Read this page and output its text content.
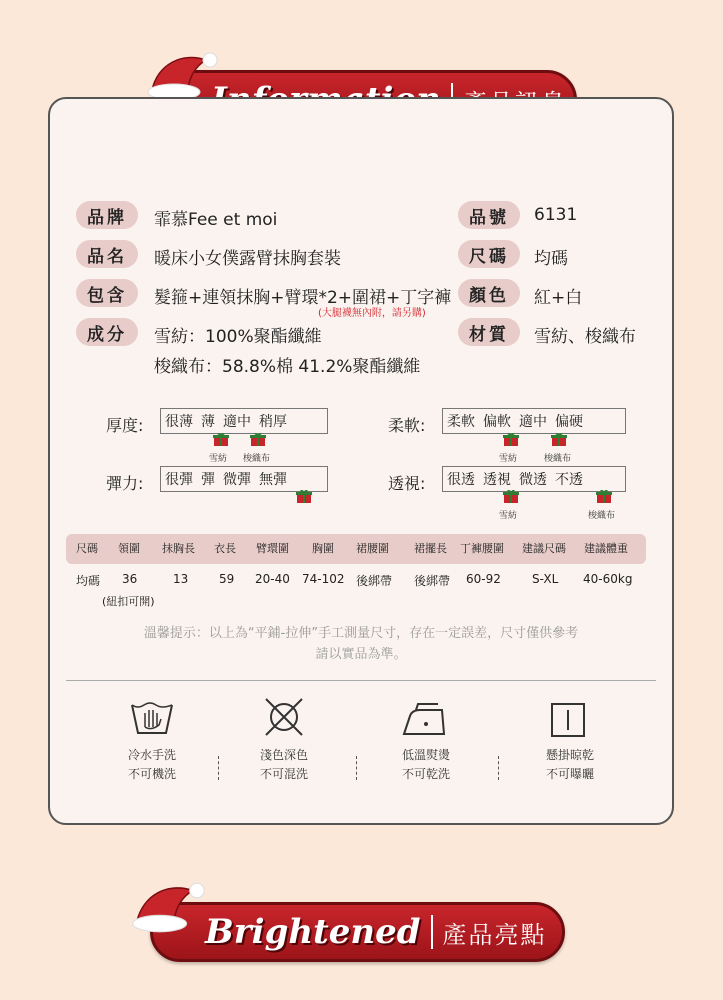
品牌	霏慕Fee et moi	品號	6131
品名	暖床小女僕露臂抹胸套裝	尺碼	均碼
包含	髮箍+連領抹胸+臂環*2+圍裙+丁字褲
(大腿襪無內附，請另購)
顏色	紅+白
成分	雪紡：100%聚酯纖維
梭織布：58.8%棉 41.2%聚酯纖維
材質	雪紡、梭織布
厚度: 很薄 薄 適中 稍厚
雪紡 梭織布
柔軟: 柔軟 偏軟 適中 偏硬
雪紡	梭織布
彈力: 很彈 彈 微彈 無彈	透視: 很透 透視 微透 不透
雪紡	梭織布
尺碼 領圍 抹胸長 衣長 臂環圍 胸圍 裙腰圍 裙擺長 丁褲腰圍 建議尺碼 建議體重
均碼 36	13	59 20-40 74-102 後綁帶 後綁帶 60-92	S-XL 40-60kg
(紐扣可開)
溫馨提示：以上為“平鋪-拉伸”手工測量尺寸，存在一定誤差，尺寸僅供參考
請以實品為準。
冷水手洗
不可機洗
淺色深色
不可混洗
低溫熨燙
不可乾洗
懸掛晾乾
不可曝曬
Brightened 產品亮點
